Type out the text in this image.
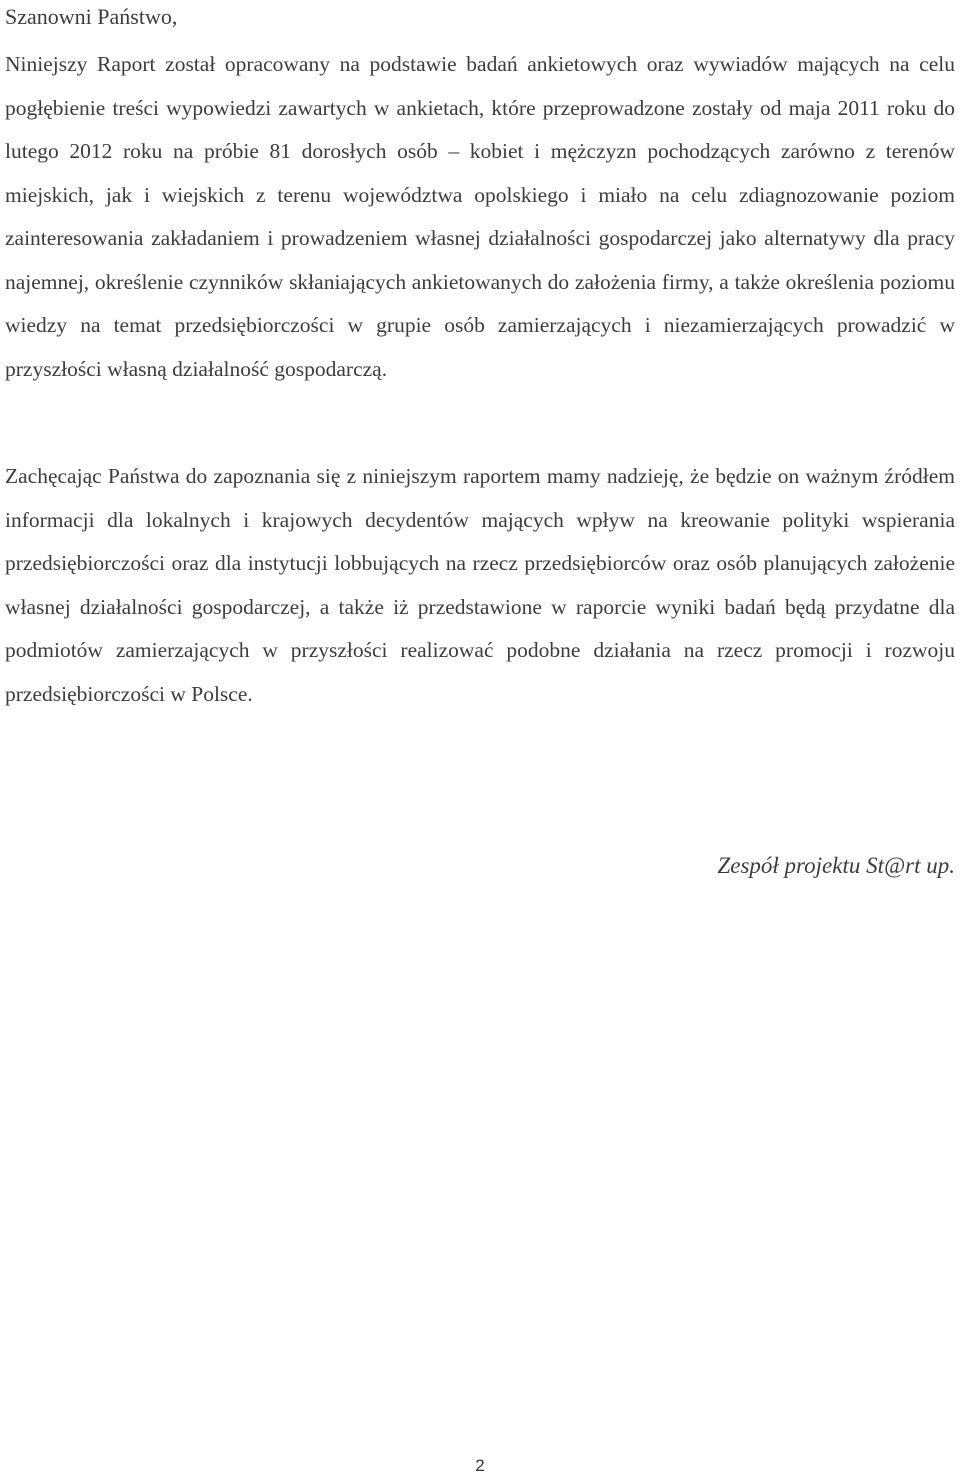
Szanowni Państwo,

Niniejszy Raport został opracowany na podstawie badań ankietowych oraz wywiadów mających na celu pogłębienie treści wypowiedzi zawartych w ankietach, które przeprowadzone zostały od maja 2011 roku do lutego 2012 roku na próbie 81 dorosłych osób – kobiet i mężczyzn pochodzących zarówno z terenów miejskich, jak i wiejskich z terenu województwa opolskiego i miało na celu zdiagnozowanie poziom zainteresowania zakładaniem i prowadzeniem własnej działalności gospodarczej jako alternatywy dla pracy najemnej, określenie czynników skłaniających ankietowanych do założenia firmy, a także określenia poziomu wiedzy na temat przedsiębiorczości w grupie osób zamierzających i niezamierzających prowadzić w przyszłości własną działalność gospodarczą.

Zachęcając Państwa do zapoznania się z niniejszym raportem mamy nadzieję, że będzie on ważnym źródłem informacji dla lokalnych i krajowych decydentów mających wpływ na kreowanie polityki wspierania przedsiębiorczości oraz dla instytucji lobbujących na rzecz przedsiębiorców oraz osób planujących założenie własnej działalności gospodarczej, a także iż przedstawione w raporcie wyniki badań będą przydatne dla podmiotów zamierzających w przyszłości realizować podobne działania na rzecz promocji i rozwoju przedsiębiorczości w Polsce.

Zespół projektu St@rt up.

2
